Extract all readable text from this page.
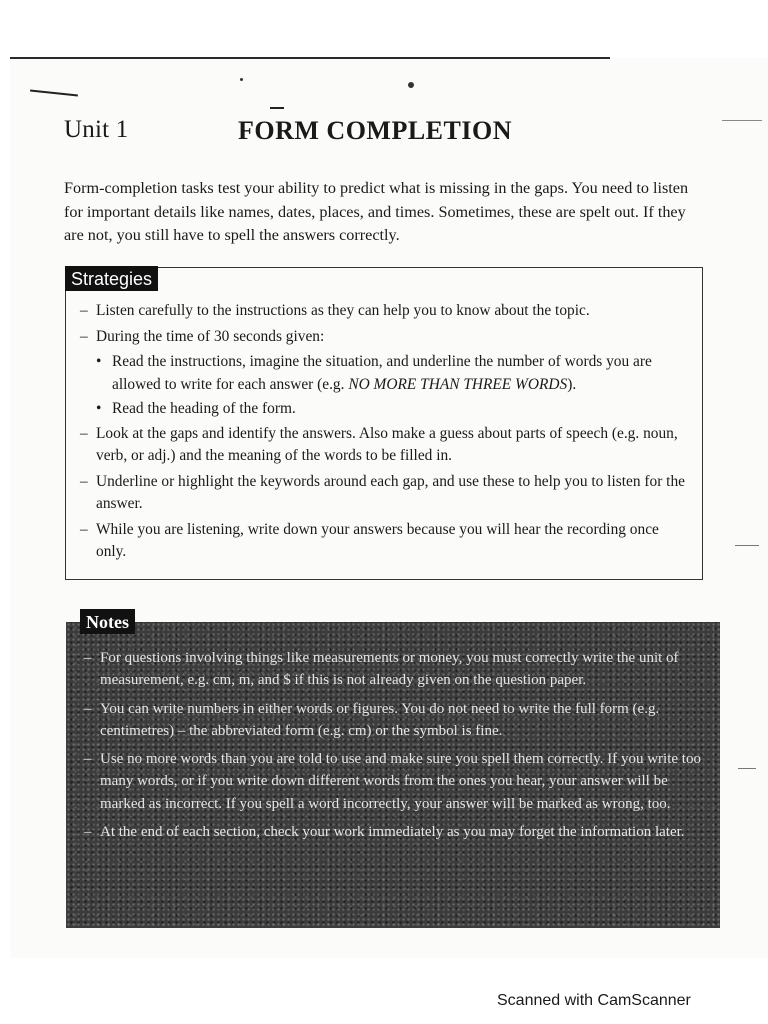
Unit 1	FORM COMPLETION
Form-completion tasks test your ability to predict what is missing in the gaps. You need to listen for important details like names, dates, places, and times. Sometimes, these are spelt out. If they are not, you still have to spell the answers correctly.
Strategies
– Listen carefully to the instructions as they can help you to know about the topic.
– During the time of 30 seconds given:
• Read the instructions, imagine the situation, and underline the number of words you are allowed to write for each answer (e.g. NO MORE THAN THREE WORDS).
• Read the heading of the form.
– Look at the gaps and identify the answers. Also make a guess about parts of speech (e.g. noun, verb, or adj.) and the meaning of the words to be filled in.
– Underline or highlight the keywords around each gap, and use these to help you to listen for the answer.
– While you are listening, write down your answers because you will hear the recording once only.
Notes
– For questions involving things like measurements or money, you must correctly write the unit of measurement, e.g. cm, m, and $ if this is not already given on the question paper.
– You can write numbers in either words or figures. You do not need to write the full form (e.g. centimetres) – the abbreviated form (e.g. cm) or the symbol is fine.
– Use no more words than you are told to use and make sure you spell them correctly. If you write too many words, or if you write down different words from the ones you hear, your answer will be marked as incorrect. If you spell a word incorrectly, your answer will be marked as wrong, too.
– At the end of each section, check your work immediately as you may forget the information later.
Scanned with CamScanner
